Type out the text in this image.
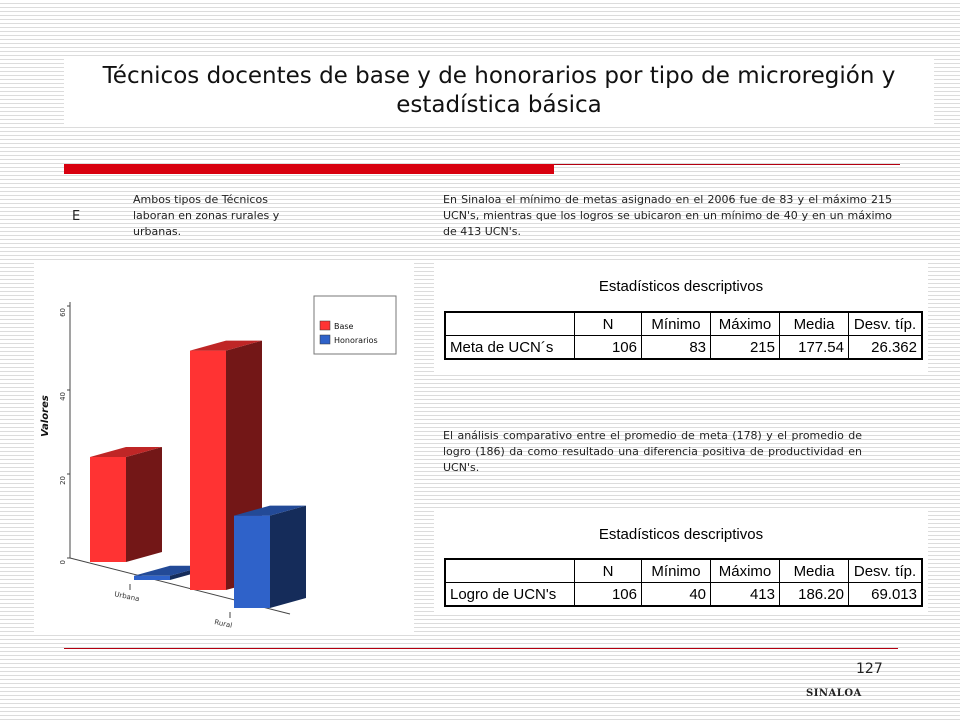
Técnicos docentes de base y de honorarios por tipo de microregión y estadística básica
E
Ambos tipos de Técnicos laboran en zonas rurales y urbanas.
En Sinaloa el mínimo de metas asignado en el 2006 fue de 83 y el máximo 215 UCN's, mientras que los logros se ubicaron en un mínimo de 40 y en un máximo de 413 UCN's.
0
20
40
60
Valores
Urbana
Rural
Base
Honorarios
Estadísticos descriptivos
	N	Mínimo	Máximo	Media	Desv. típ.
Meta de UCN´s	106	83	215	177.54	26.362
El análisis comparativo entre el promedio de meta (178) y el promedio de logro (186) da como resultado una diferencia positiva de productividad en UCN's.
Estadísticos descriptivos
	N	Mínimo	Máximo	Media	Desv. típ.
Logro de UCN's	106	40	413	186.20	69.013
127
SINALOA
